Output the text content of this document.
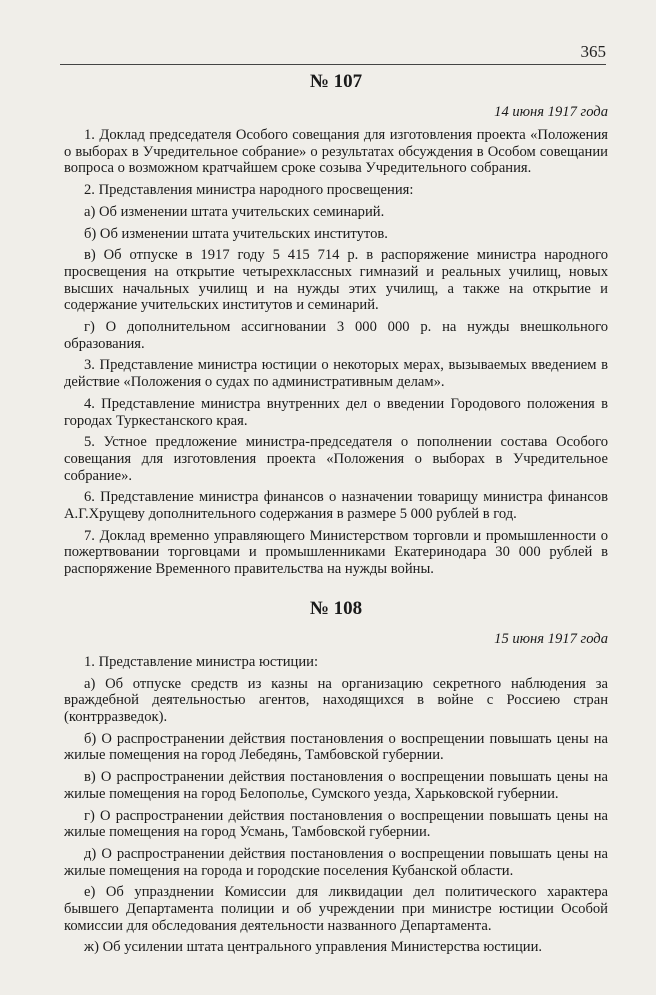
365
№ 107
14 июня 1917 года

1. Доклад председателя Особого совещания для изготовления проекта «Положения о выборах в Учредительное собрание» о результатах обсуждения в Особом совещании вопроса о возможном кратчайшем сроке созыва Учредительного собрания.

2. Представления министра народного просвещения:

а) Об изменении штата учительских семинарий.

б) Об изменении штата учительских институтов.

в) Об отпуске в 1917 году 5 415 714 р. в распоряжение министра народного просвещения на открытие четырехклассных гимназий и реальных училищ, новых высших начальных училищ и на нужды этих училищ, а также на открытие и содержание учительских институтов и семинарий.

г) О дополнительном ассигновании 3 000 000 р. на нужды внешкольного образования.

3. Представление министра юстиции о некоторых мерах, вызываемых введением в действие «Положения о судах по административным делам».

4. Представление министра внутренних дел о введении Городового положения в городах Туркестанского края.

5. Устное предложение министра-председателя о пополнении состава Особого совещания для изготовления проекта «Положения о выборах в Учредительное собрание».

6. Представление министра финансов о назначении товарищу министра финансов А.Г.Хрущеву дополнительного содержания в размере 5 000 рублей в год.

7. Доклад временно управляющего Министерством торговли и промышленности о пожертвовании торговцами и промышленниками Екатеринодара 30 000 рублей в распоряжение Временного правительства на нужды войны.

№ 108
15 июня 1917 года

1. Представление министра юстиции:

а) Об отпуске средств из казны на организацию секретного наблюдения за враждебной деятельностью агентов, находящихся в войне с Россиею стран (контрразведок).

б) О распространении действия постановления о воспрещении повышать цены на жилые помещения на город Лебедянь, Тамбовской губернии.

в) О распространении действия постановления о воспрещении повышать цены на жилые помещения на город Белополье, Сумского уезда, Харьковской губернии.

г) О распространении действия постановления о воспрещении повышать цены на жилые помещения на город Усмань, Тамбовской губернии.

д) О распространении действия постановления о воспрещении повышать цены на жилые помещения на города и городские поселения Кубанской области.

е) Об упразднении Комиссии для ликвидации дел политического характера бывшего Департамента полиции и об учреждении при министре юстиции Особой комиссии для обследования деятельности названного Департамента.

ж) Об усилении штата центрального управления Министерства юстиции.
